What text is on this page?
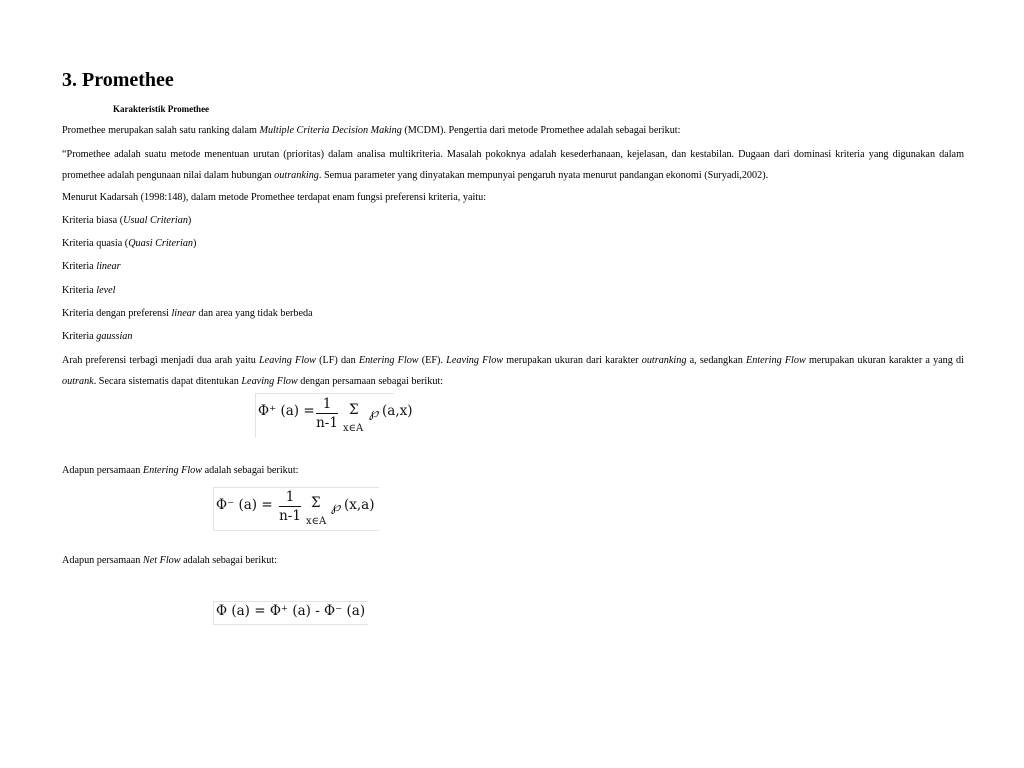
3. Promethee
Karakteristik Promethee

Promethee merupakan salah satu ranking dalam Multiple Criteria Decision Making (MCDM). Pengertia dari metode Promethee adalah sebagai berikut:

“Promethee adalah suatu metode menentuan urutan (prioritas) dalam analisa multikriteria. Masalah pokoknya adalah kesederhanaan, kejelasan, dan kestabilan. Dugaan dari dominasi kriteria yang digunakan dalam promethee adalah pengunaan nilai dalam hubungan outranking. Semua parameter yang dinyatakan mempunyai pengaruh nyata menurut pandangan ekonomi (Suryadi,2002).

Menurut Kadarsah (1998:148), dalam metode Promethee terdapat enam fungsi preferensi kriteria, yaitu:

Kriteria biasa (Usual Criterian)

Kriteria quasia (Quasi Criterian)

Kriteria linear

Kriteria level

Kriteria dengan preferensi linear dan area yang tidak berbeda

Kriteria gaussian

Arah preferensi terbagi menjadi dua arah yaitu Leaving Flow (LF) dan Entering Flow (EF). Leaving Flow merupakan ukuran dari karakter outranking a, sedangkan Entering Flow merupakan ukuran karakter a yang di outrank. Secara sistematis dapat ditentukan Leaving Flow dengan persamaan sebagai berikut:

Φ⁺ (a) = 1
n-1
Σ
x∈A
℘ (a,x)

Adapun persamaan Entering Flow adalah sebagai berikut:

Φ⁻ (a) = 1
n-1
Σ
x∈A
℘ (x,a)

Adapun persamaan Net Flow adalah sebagai berikut:

Φ (a) = Φ⁺ (a) - Φ⁻ (a)
